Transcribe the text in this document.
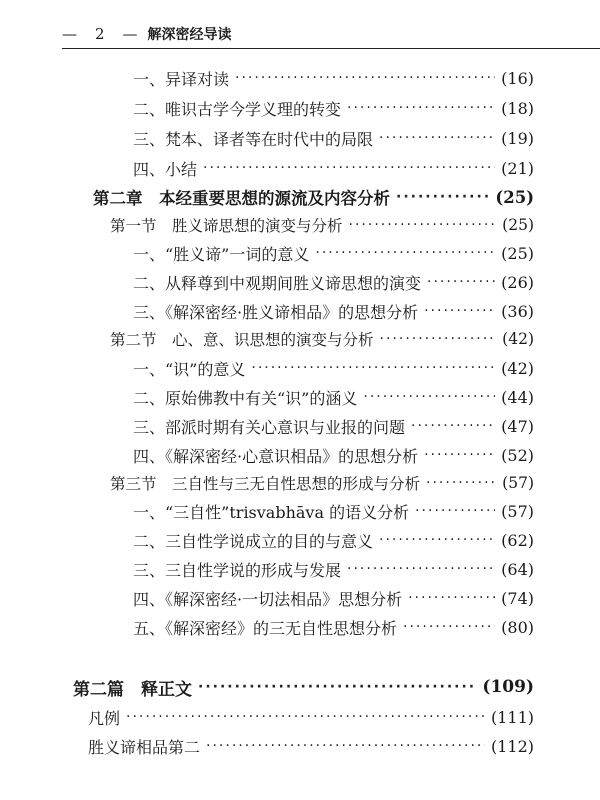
— 2 — 解深密经导读
一、异译对读 ·····	(16)
二、唯识古学今学义理的转变 ·····	(18)
三、梵本、译者等在时代中的局限 ·····	(19)
四、小结 ·····	(21)
第二章　本经重要思想的源流及内容分析 ·····	(25)
第一节　胜义谛思想的演变与分析 ·····	(25)
一、“胜义谛”一词的意义 ·····	(25)
二、从释尊到中观期间胜义谛思想的演变 ·····	(26)
三、《解深密经·胜义谛相品》的思想分析 ·····	(36)
第二节　心、意、识思想的演变与分析 ·····	(42)
一、“识”的意义 ·····	(42)
二、原始佛教中有关“识”的涵义 ·····	(44)
三、部派时期有关心意识与业报的问题 ·····	(47)
四、《解深密经·心意识相品》的思想分析 ·····	(52)
第三节　三自性与三无自性思想的形成与分析 ·····	(57)
一、“三自性”trisvabhāva 的语义分析 ·····	(57)
二、三自性学说成立的目的与意义 ·····	(62)
三、三自性学说的形成与发展 ·····	(64)
四、《解深密经·一切法相品》思想分析 ·····	(74)
五、《解深密经》的三无自性思想分析 ·····	(80)
第二篇　释正文 ·····	(109)
凡例 ·····	(111)
胜义谛相品第二 ·····	(112)
